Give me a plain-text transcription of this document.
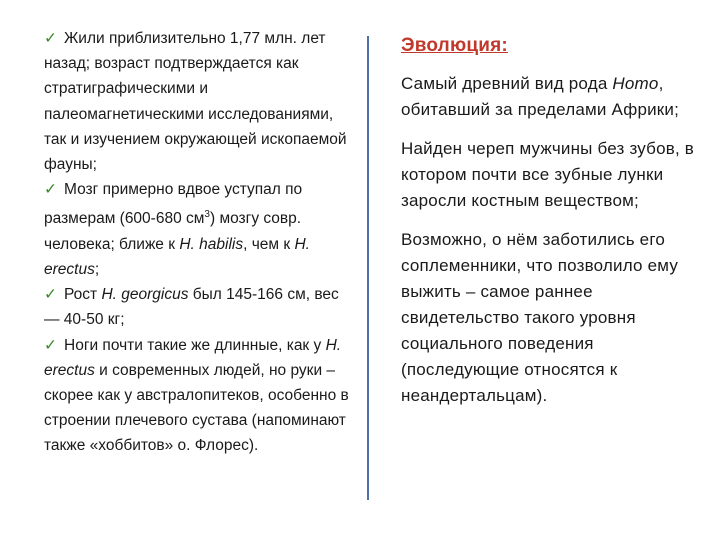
✓ Жили приблизительно 1,77 млн. лет назад; возраст подтверждается как стратиграфическими и палеомагнетическими исследованиями, так и изучением окружающей ископаемой фауны;

✓ Мозг примерно вдвое уступал по размерам (600-680 $см^3$) мозгу совр. человека; ближе к H. habilis, чем к H. erectus;

✓ Рост H. georgicus был 145-166 см, вес — 40-50 кг;

✓ Ноги почти такие же длинные, как у H. erectus и современных людей, но руки – скорее как у австралопитеков, особенно в строении плечевого сустава (напоминают также «хоббитов» о. Флорес).

Эволюция:

Самый древний вид рода Homo, обитавший за пределами Африки;

Найден череп мужчины без зубов, в котором почти все зубные лунки заросли костным веществом;

Возможно, о нём заботились его соплеменники, что позволило ему выжить – самое раннее свидетельство такого уровня социального поведения (последующие относятся к неандертальцам).
